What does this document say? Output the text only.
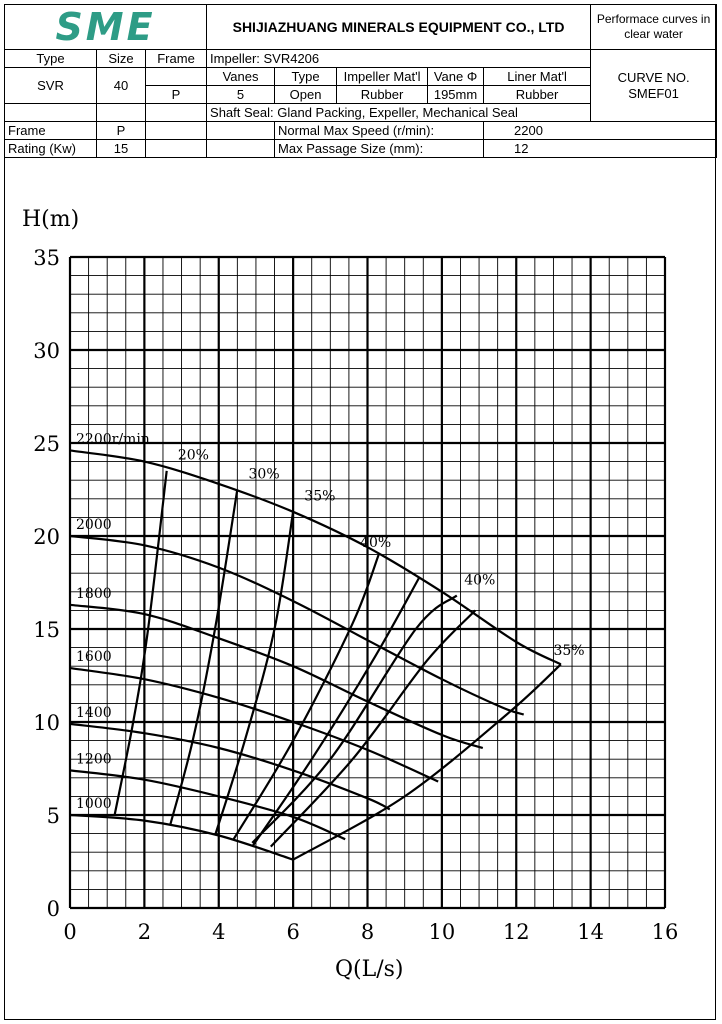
SME			SHIJIAZHUANG MINERALS EQUIPMENT CO., LTD					Performace curves in clear water	
Type	Size	Frame	Impeller: SVR4206					CURVE NO.
SMEF01	
SVR	40		Vanes	Type	Impeller Mat'l	Vane Φ	Liner Mat'l		
		P	5	Open	Rubber	195mm	Rubber		
			Shaft Seal: Gland Packing, Expeller, Mechanical Seal						
Frame	P			Normal Max Speed (r/min):			2200	

Rating (Kw)	15			Max Passage Size (mm):			12		
0	2	4	6	8	10 12 14 16
0
5
10
15
20
25
30
35
2200r/min
2000
1800
1600
1400
1200
1000
20%
30%
35%
40%
40%
35%
H(m)
Q(L/s)
